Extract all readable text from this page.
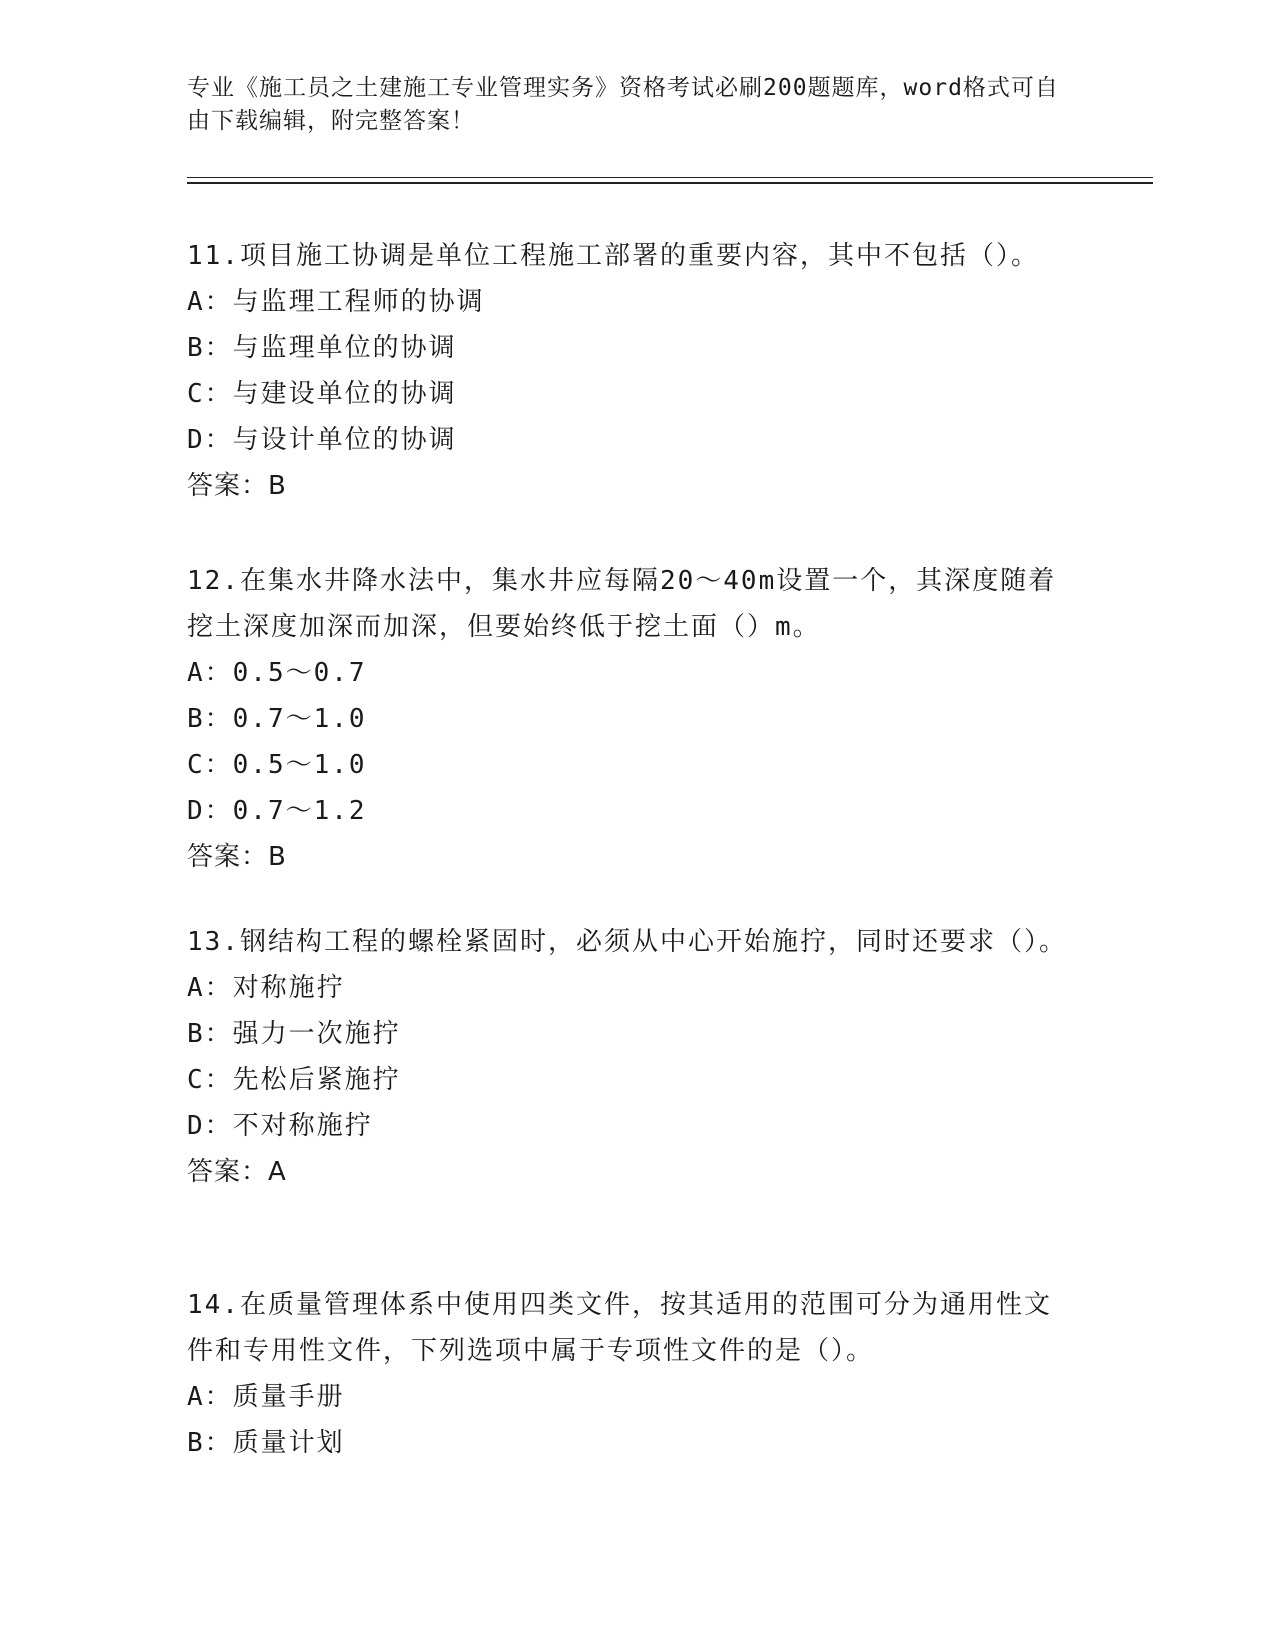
专业《施工员之土建施工专业管理实务》资格考试必刷200题题库，word格式可自由下载编辑，附完整答案！

11.项目施工协调是单位工程施工部署的重要内容，其中不包括（）。

A：与监理工程师的协调

B：与监理单位的协调

C：与建设单位的协调

D：与设计单位的协调

答案：B

12.在集水井降水法中，集水井应每隔20～40m设置一个，其深度随着挖土深度加深而加深，但要始终低于挖土面（）m。

A：0.5～0.7

B：0.7～1.0

C：0.5～1.0

D：0.7～1.2

答案：B

13.钢结构工程的螺栓紧固时，必须从中心开始施拧，同时还要求（）。

A：对称施拧

B：强力一次施拧

C：先松后紧施拧

D：不对称施拧

答案：A

14.在质量管理体系中使用四类文件，按其适用的范围可分为通用性文件和专用性文件，下列选项中属于专项性文件的是（）。

A：质量手册

B：质量计划
